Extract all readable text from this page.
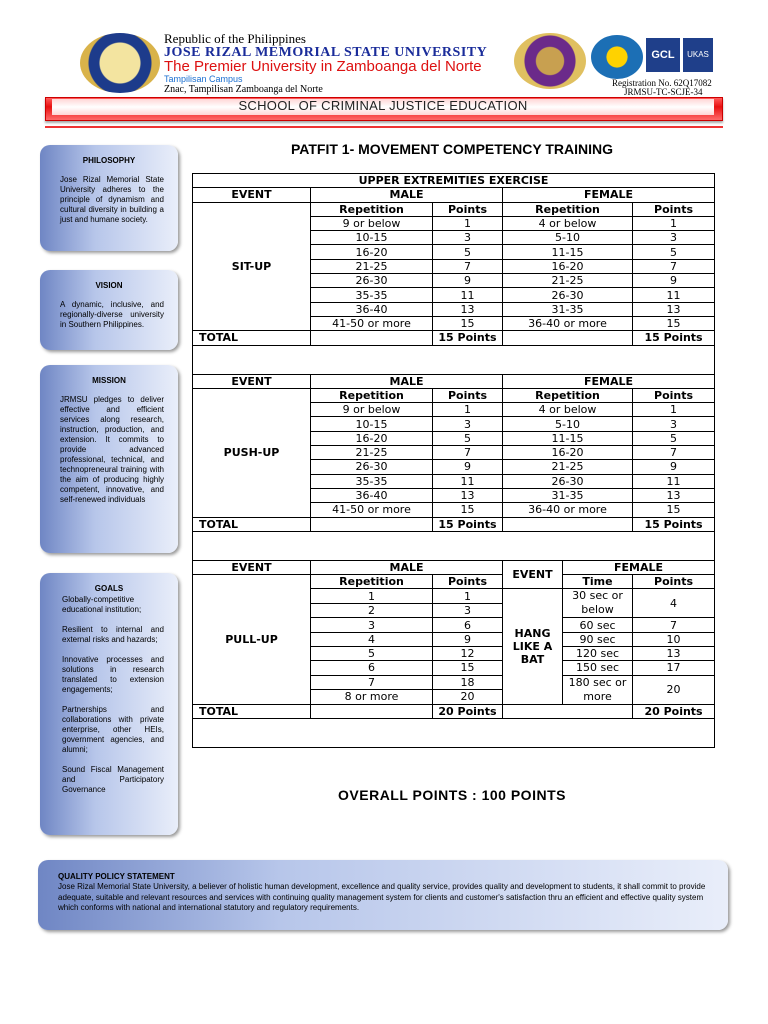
Republic of the Philippines
JOSE RIZAL MEMORIAL STATE UNIVERSITY
The Premier University in Zamboanga del Norte
Tampilisan Campus
Znac, Tampilisan Zamboanga del Norte
GCL	UKAS
Registration No. 62Q17082
JRMSU-TC-SCJE-34
SCHOOL OF CRIMINAL JUSTICE EDUCATION
PHILOSOPHY
Jose Rizal Memorial State University adheres to the principle of dynamism and cultural diversity in building a just and humane society.
VISION
A dynamic, inclusive, and regionally-diverse university in Southern Philippines.
MISSION
JRMSU pledges to deliver effective and efficient services along research, instruction, production, and extension. It commits to provide advanced professional, technical, and technopreneural training with the aim of producing highly competent, innovative, and self-renewed individuals
GOALS

Globally-competitive educational institution;

Resilient to internal and external risks and hazards;

Innovative processes and solutions in research translated to extension engagements;

Partnerships and collaborations with private enterprise, other HEIs, government agencies, and alumni;

Sound Fiscal Management and Participatory Governance

PATFIT 1- MOVEMENT COMPETENCY TRAINING
UPPER EXTREMITIES EXERCISE					
EVENT	MALE		FEMALE		
SIT-UP	Repetition	Points	Repetition		Points
	9 or below	1	4 or below		1
	10-15	3	5-10		3
	16-20	5	11-15		5
	21-25	7	16-20		7
	26-30	9	21-25		9
	35-35	11	26-30		11
	36-40	13	31-35		13
	41-50 or more	15	36-40 or more		15
TOTAL		15 Points			15 Points

EVENT	MALE		FEMALE		
PUSH-UP	Repetition	Points	Repetition		Points
	9 or below	1	4 or below		1
	10-15	3	5-10		3
	16-20	5	11-15		5
	21-25	7	16-20		7
	26-30	9	21-25		9
	35-35	11	26-30		11
	36-40	13	31-35		13
	41-50 or more	15	36-40 or more		15
TOTAL		15 Points			15 Points

EVENT	MALE		EVENT	FEMALE	
PULL-UP	Repetition	Points		Time	Points
	1	1	HANG LIKE A BAT	30 sec or below	4
	2	3			
	3	6		60 sec	7
	4	9		90 sec	10
	5	12		120 sec	13
	6	15		150 sec	17
	7	18		180 sec or more	20
	8 or more	20			
TOTAL		20 Points			20 Points

OVERALL POINTS : 100 POINTS
QUALITY POLICY STATEMENT
Jose Rizal Memorial State University, a believer of holistic human development, excellence and quality service, provides quality and development to students, it shall commit to provide adequate, suitable and relevant resources and services with continuing quality management system for clients and customer's satisfaction thru an efficient and effective quality system which conforms with national and international statutory and regulatory requirements.
